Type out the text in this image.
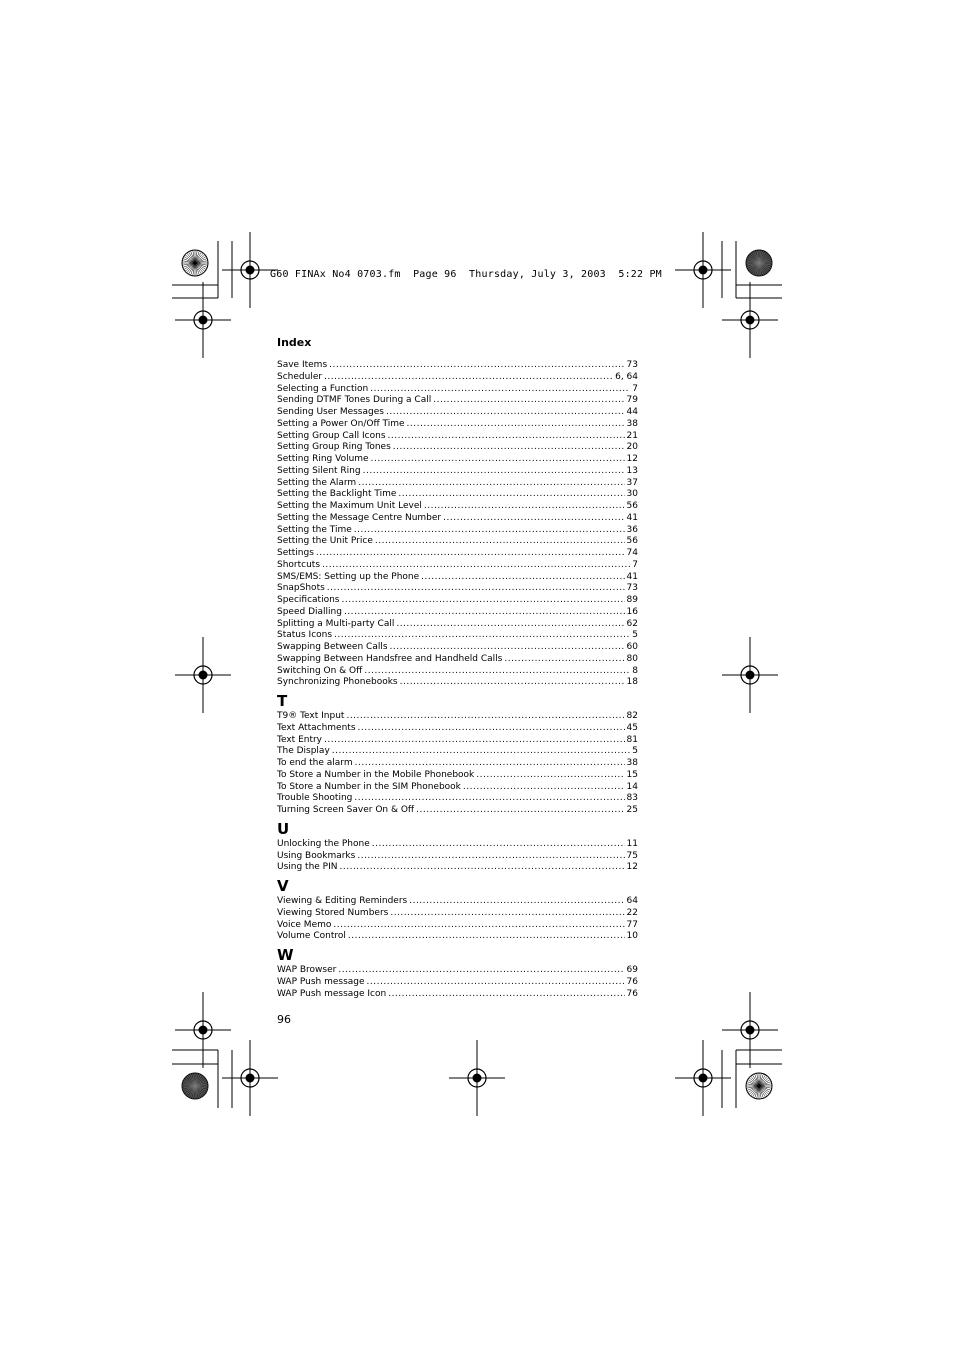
G60 FINAx No4 0703.fm  Page 96  Thursday, July 3, 2003  5:22 PM
Index
Save Items .....	73
Scheduler .....	6, 64
Selecting a Function .....	7
Sending DTMF Tones During a Call .....	79
Sending User Messages .....	44
Setting a Power On/Off Time .....	38
Setting Group Call Icons .....	21
Setting Group Ring Tones .....	20
Setting Ring Volume .....	12
Setting Silent Ring .....	13
Setting the Alarm .....	37
Setting the Backlight Time .....	30
Setting the Maximum Unit Level .....	56
Setting the Message Centre Number .....	41
Setting the Time .....	36
Setting the Unit Price .....	56
Settings .....	74
Shortcuts .....	7
SMS/EMS: Setting up the Phone .....	41
SnapShots .....	73
Specifications .....	89
Speed Dialling .....	16
Splitting a Multi-party Call .....	62
Status Icons .....	5
Swapping Between Calls .....	60
Swapping Between Handsfree and Handheld Calls .....	80
Switching On & Off .....	8
Synchronizing Phonebooks .....	18
T
T9® Text Input .....	82
Text Attachments .....	45
Text Entry .....	81
The Display .....	5
To end the alarm .....	38
To Store a Number in the Mobile Phonebook .....	15
To Store a Number in the SIM Phonebook .....	14
Trouble Shooting .....	83
Turning Screen Saver On & Off .....	25
U
Unlocking the Phone .....	11
Using Bookmarks .....	75
Using the PIN .....	12
V
Viewing & Editing Reminders .....	64
Viewing Stored Numbers .....	22
Voice Memo .....	77
Volume Control .....	10
W
WAP Browser .....	69
WAP Push message .....	76
WAP Push message Icon .....	76
96
